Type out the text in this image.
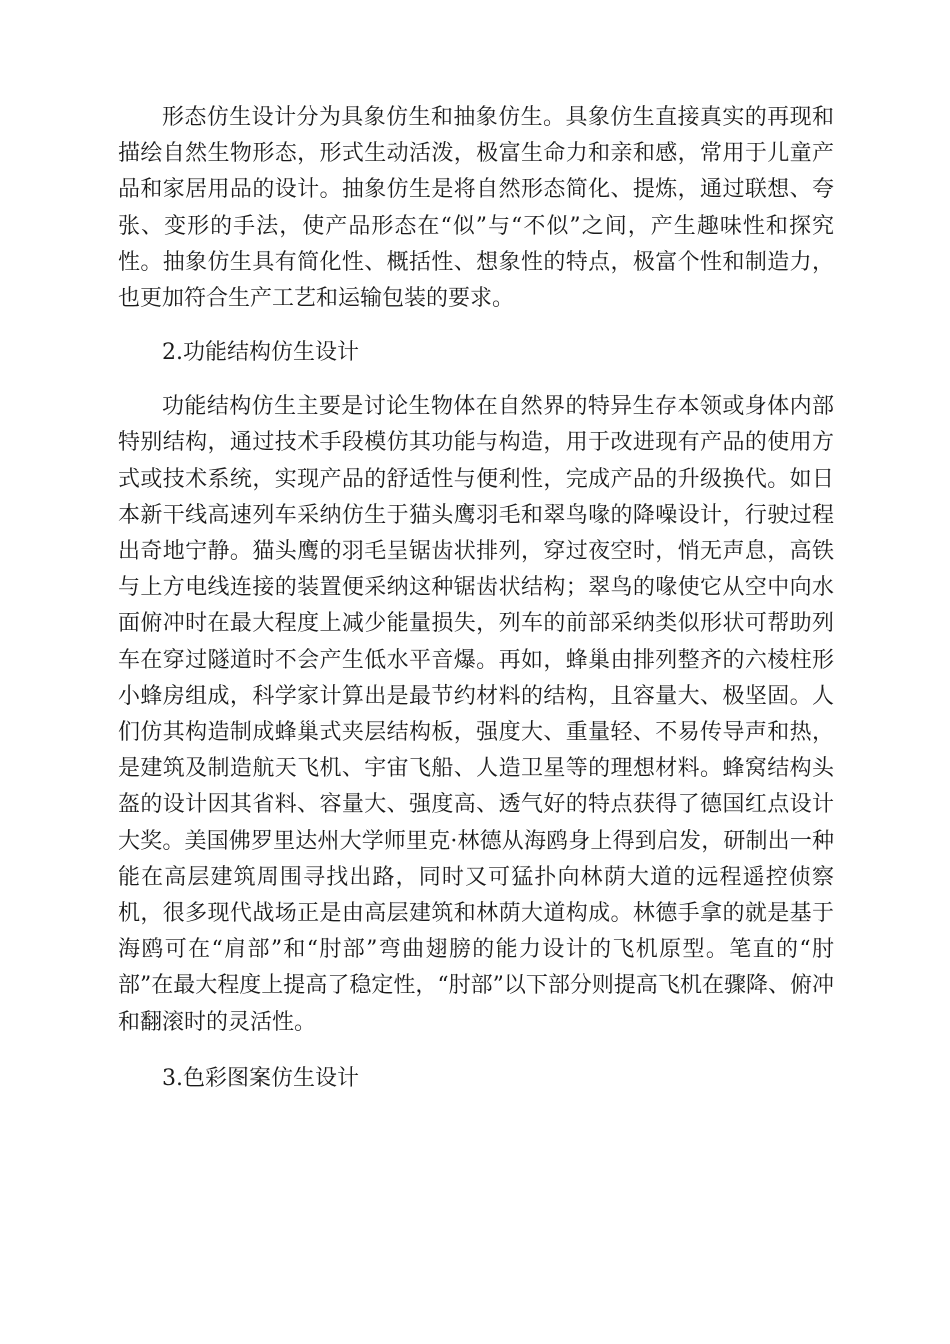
形态仿生设计分为具象仿生和抽象仿生。具象仿生直接真实的再现和描绘自然生物形态，形式生动活泼，极富生命力和亲和感，常用于儿童产品和家居用品的设计。抽象仿生是将自然形态简化、提炼，通过联想、夸张、变形的手法，使产品形态在“似”与“不似”之间，产生趣味性和探究性。抽象仿生具有简化性、概括性、想象性的特点，极富个性和制造力，也更加符合生产工艺和运输包装的要求。

2.功能结构仿生设计

功能结构仿生主要是讨论生物体在自然界的特异生存本领或身体内部特别结构，通过技术手段模仿其功能与构造，用于改进现有产品的使用方式或技术系统，实现产品的舒适性与便利性，完成产品的升级换代。如日本新干线高速列车采纳仿生于猫头鹰羽毛和翠鸟喙的降噪设计，行驶过程出奇地宁静。猫头鹰的羽毛呈锯齿状排列，穿过夜空时，悄无声息，高铁与上方电线连接的装置便采纳这种锯齿状结构；翠鸟的喙使它从空中向水面俯冲时在最大程度上减少能量损失，列车的前部采纳类似形状可帮助列车在穿过隧道时不会产生低水平音爆。再如，蜂巢由排列整齐的六棱柱形小蜂房组成，科学家计算出是最节约材料的结构，且容量大、极坚固。人们仿其构造制成蜂巢式夹层结构板，强度大、重量轻、不易传导声和热，是建筑及制造航天飞机、宇宙飞船、人造卫星等的理想材料。蜂窝结构头盔的设计因其省料、容量大、强度高、透气好的特点获得了德国红点设计大奖。美国佛罗里达州大学师里克·林德从海鸥身上得到启发，研制出一种能在高层建筑周围寻找出路，同时又可猛扑向林荫大道的远程遥控侦察机，很多现代战场正是由高层建筑和林荫大道构成。林德手拿的就是基于海鸥可在“肩部”和“肘部”弯曲翅膀的能力设计的飞机原型。笔直的“肘部”在最大程度上提高了稳定性，“肘部”以下部分则提高飞机在骤降、俯冲和翻滚时的灵活性。

3.色彩图案仿生设计
